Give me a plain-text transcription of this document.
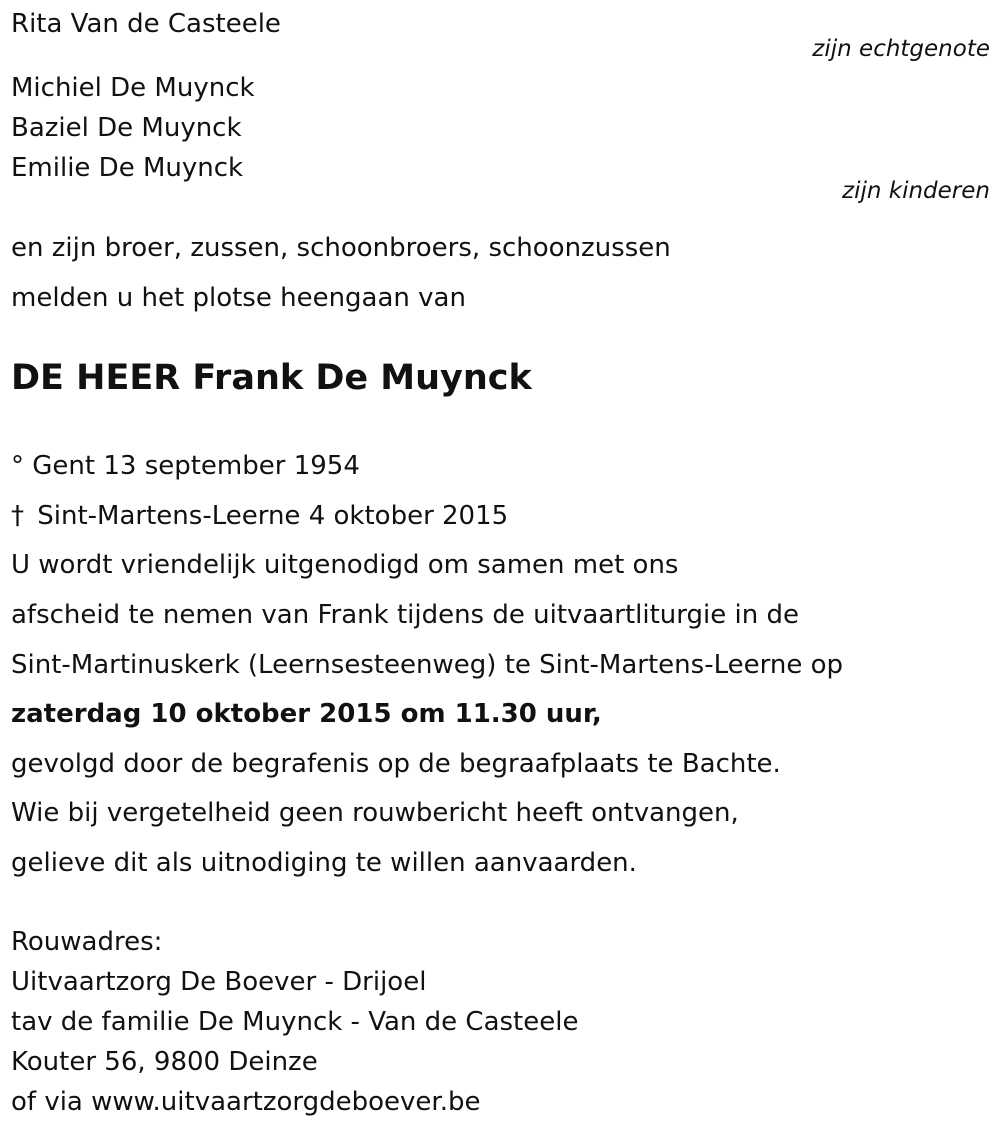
Rita Van de Casteele

zijn echtgenote

Michiel De Muynck

Baziel De Muynck

Emilie De Muynck

zijn kinderen

en zijn broer, zussen, schoonbroers, schoonzussen

melden u het plotse heengaan van

DE HEER Frank De Muynck

° Gent 13 september 1954

† Sint-Martens-Leerne 4 oktober 2015

U wordt vriendelijk uitgenodigd om samen met ons

afscheid te nemen van Frank tijdens de uitvaartliturgie in de

Sint-Martinuskerk (Leernsesteenweg) te Sint-Martens-Leerne op

zaterdag 10 oktober 2015 om 11.30 uur,

gevolgd door de begrafenis op de begraafplaats te Bachte.

Wie bij vergetelheid geen rouwbericht heeft ontvangen,

gelieve dit als uitnodiging te willen aanvaarden.

Rouwadres:

Uitvaartzorg De Boever - Drijoel

tav de familie De Muynck - Van de Casteele

Kouter 56, 9800 Deinze

of via www.uitvaartzorgdeboever.be
